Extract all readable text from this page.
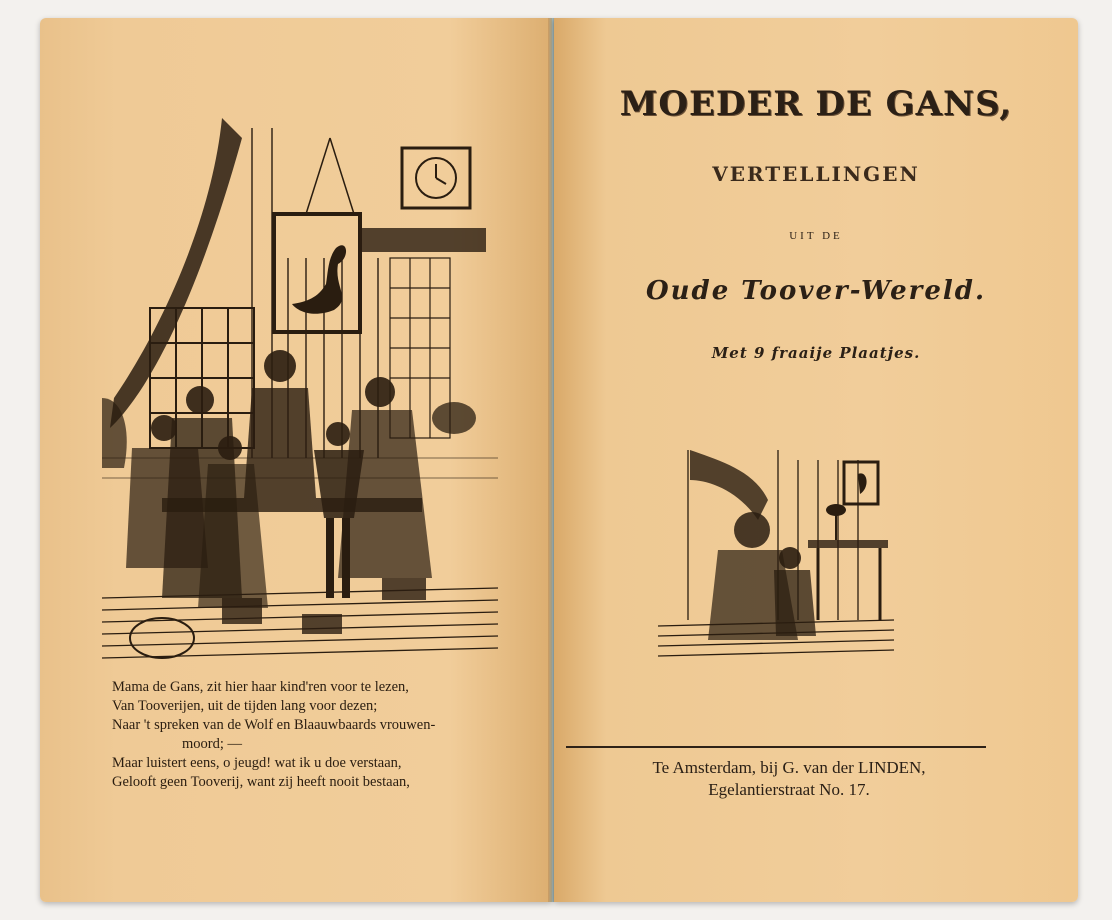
Mama de Gans, zit hier haar kind'ren voor te lezen,
Van Tooverijen, uit de tijden lang voor dezen;
Naar 't spreken van de Wolf en Blaauwbaards vrouwen-
moord; —
Maar luistert eens, o jeugd! wat ik u doe verstaan,
Gelooft geen Tooverij, want zij heeft nooit bestaan,
MOEDER DE GANS,
VERTELLINGEN
UIT DE
Oude Toover-Wereld.
Met 9 fraaije Plaatjes.
Te Amsterdam, bij G. van der LINDEN,
Egelantierstraat No. 17.
